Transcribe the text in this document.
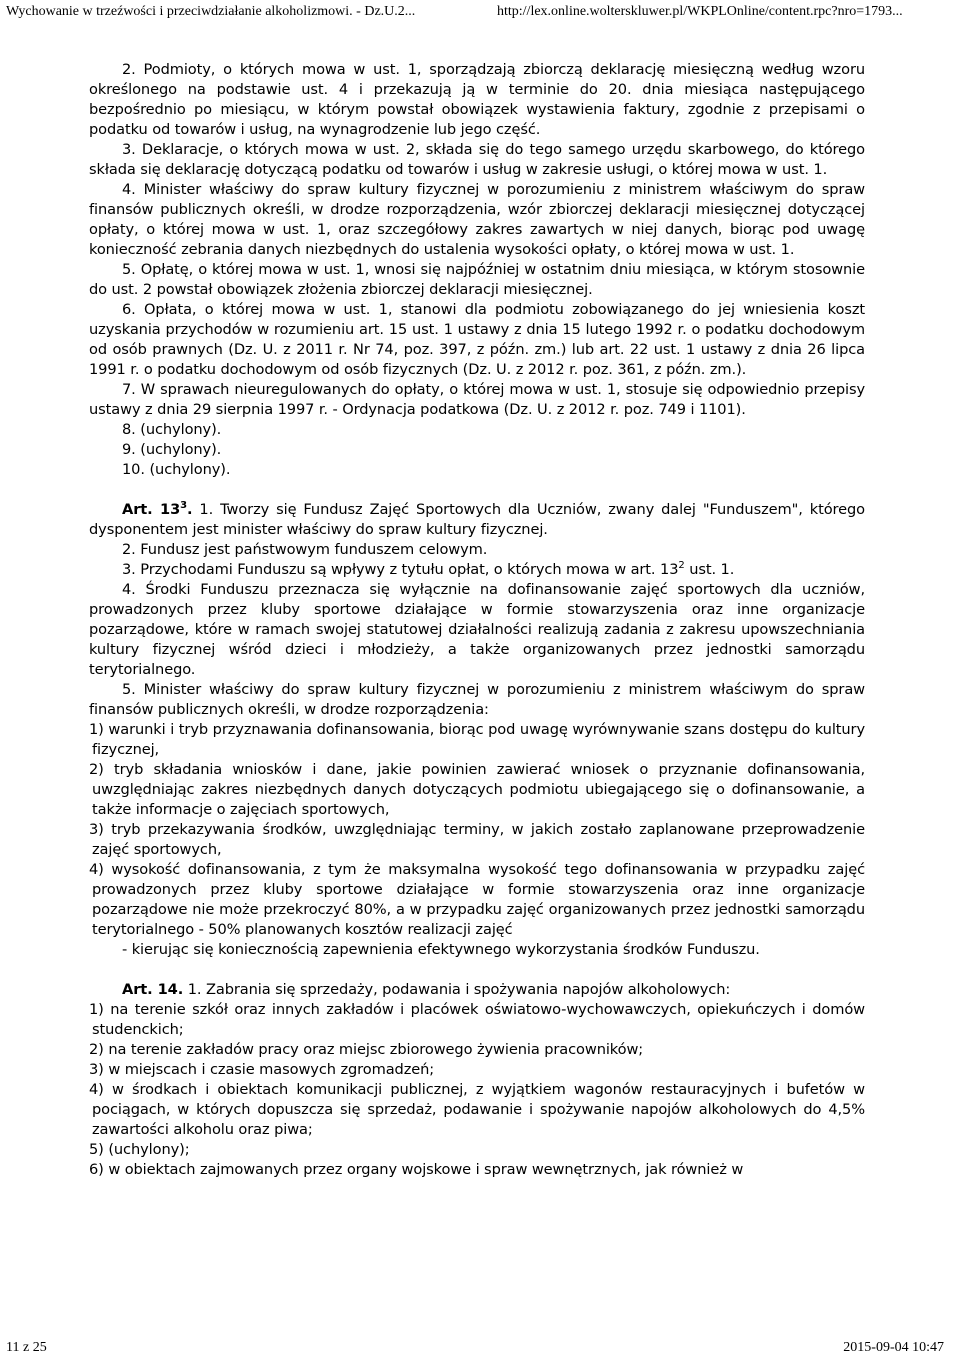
Wychowanie w trzeźwości i przeciwdziałanie alkoholizmowi. - Dz.U.2...	http://lex.online.wolterskluwer.pl/WKPLOnline/content.rpc?nro=1793...

2. Podmioty, o których mowa w ust. 1, sporządzają zbiorczą deklarację miesięczną według wzoru określonego na podstawie ust. 4 i przekazują ją w terminie do 20. dnia miesiąca następującego bezpośrednio po miesiącu, w którym powstał obowiązek wystawienia faktury, zgodnie z przepisami o podatku od towarów i usług, na wynagrodzenie lub jego część.

3. Deklaracje, o których mowa w ust. 2, składa się do tego samego urzędu skarbowego, do którego składa się deklarację dotyczącą podatku od towarów i usług w zakresie usługi, o której mowa w ust. 1.

4. Minister właściwy do spraw kultury fizycznej w porozumieniu z ministrem właściwym do spraw finansów publicznych określi, w drodze rozporządzenia, wzór zbiorczej deklaracji miesięcznej dotyczącej opłaty, o której mowa w ust. 1, oraz szczegółowy zakres zawartych w niej danych, biorąc pod uwagę konieczność zebrania danych niezbędnych do ustalenia wysokości opłaty, o której mowa w ust. 1.

5. Opłatę, o której mowa w ust. 1, wnosi się najpóźniej w ostatnim dniu miesiąca, w którym stosownie do ust. 2 powstał obowiązek złożenia zbiorczej deklaracji miesięcznej.

6. Opłata, o której mowa w ust. 1, stanowi dla podmiotu zobowiązanego do jej wniesienia koszt uzyskania przychodów w rozumieniu art. 15 ust. 1 ustawy z dnia 15 lutego 1992 r. o podatku dochodowym od osób prawnych (Dz. U. z 2011 r. Nr 74, poz. 397, z późn. zm.) lub art. 22 ust. 1 ustawy z dnia 26 lipca 1991 r. o podatku dochodowym od osób fizycznych (Dz. U. z 2012 r. poz. 361, z późn. zm.).

7. W sprawach nieuregulowanych do opłaty, o której mowa w ust. 1, stosuje się odpowiednio przepisy ustawy z dnia 29 sierpnia 1997 r. - Ordynacja podatkowa (Dz. U. z 2012 r. poz. 749 i 1101).

8. (uchylony).

9. (uchylony).

10. (uchylony).

Art. $13^3$. 1. Tworzy się Fundusz Zajęć Sportowych dla Uczniów, zwany dalej "Funduszem", którego dysponentem jest minister właściwy do spraw kultury fizycznej.

2. Fundusz jest państwowym funduszem celowym.

3. Przychodami Funduszu są wpływy z tytułu opłat, o których mowa w art. $13^2$ ust. 1.

4. Środki Funduszu przeznacza się wyłącznie na dofinansowanie zajęć sportowych dla uczniów, prowadzonych przez kluby sportowe działające w formie stowarzyszenia oraz inne organizacje pozarządowe, które w ramach swojej statutowej działalności realizują zadania z zakresu upowszechniania kultury fizycznej wśród dzieci i młodzieży, a także organizowanych przez jednostki samorządu terytorialnego.

5. Minister właściwy do spraw kultury fizycznej w porozumieniu z ministrem właściwym do spraw finansów publicznych określi, w drodze rozporządzenia:

1) warunki i tryb przyznawania dofinansowania, biorąc pod uwagę wyrównywanie szans dostępu do kultury fizycznej,

2) tryb składania wniosków i dane, jakie powinien zawierać wniosek o przyznanie dofinansowania, uwzględniając zakres niezbędnych danych dotyczących podmiotu ubiegającego się o dofinansowanie, a także informacje o zajęciach sportowych,

3) tryb przekazywania środków, uwzględniając terminy, w jakich zostało zaplanowane przeprowadzenie zajęć sportowych,

4) wysokość dofinansowania, z tym że maksymalna wysokość tego dofinansowania w przypadku zajęć prowadzonych przez kluby sportowe działające w formie stowarzyszenia oraz inne organizacje pozarządowe nie może przekroczyć 80%, a w przypadku zajęć organizowanych przez jednostki samorządu terytorialnego - 50% planowanych kosztów realizacji zajęć

- kierując się koniecznością zapewnienia efektywnego wykorzystania środków Funduszu.

Art. 14. 1. Zabrania się sprzedaży, podawania i spożywania napojów alkoholowych:

1) na terenie szkół oraz innych zakładów i placówek oświatowo-wychowawczych, opiekuńczych i domów studenckich;

2) na terenie zakładów pracy oraz miejsc zbiorowego żywienia pracowników;

3) w miejscach i czasie masowych zgromadzeń;

4) w środkach i obiektach komunikacji publicznej, z wyjątkiem wagonów restauracyjnych i bufetów w pociągach, w których dopuszcza się sprzedaż, podawanie i spożywanie napojów alkoholowych do 4,5% zawartości alkoholu oraz piwa;

5) (uchylony);

6) w obiektach zajmowanych przez organy wojskowe i spraw wewnętrznych, jak również w

11 z 25	2015-09-04 10:47
